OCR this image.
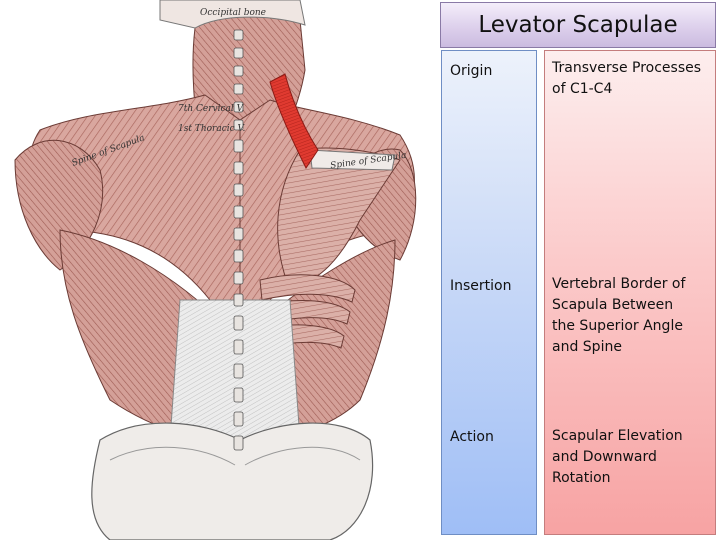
Occipital bone
7th Cervical V.
1st Thoracic V.
Spine of Scapula	Spine of Scapula
Levator Scapulae
Origin	Transverse Processes
of C1-C4
Insertion	Vertebral Border of
Scapula Between
the Superior Angle
and Spine
Action	Scapular Elevation
and Downward
Rotation
